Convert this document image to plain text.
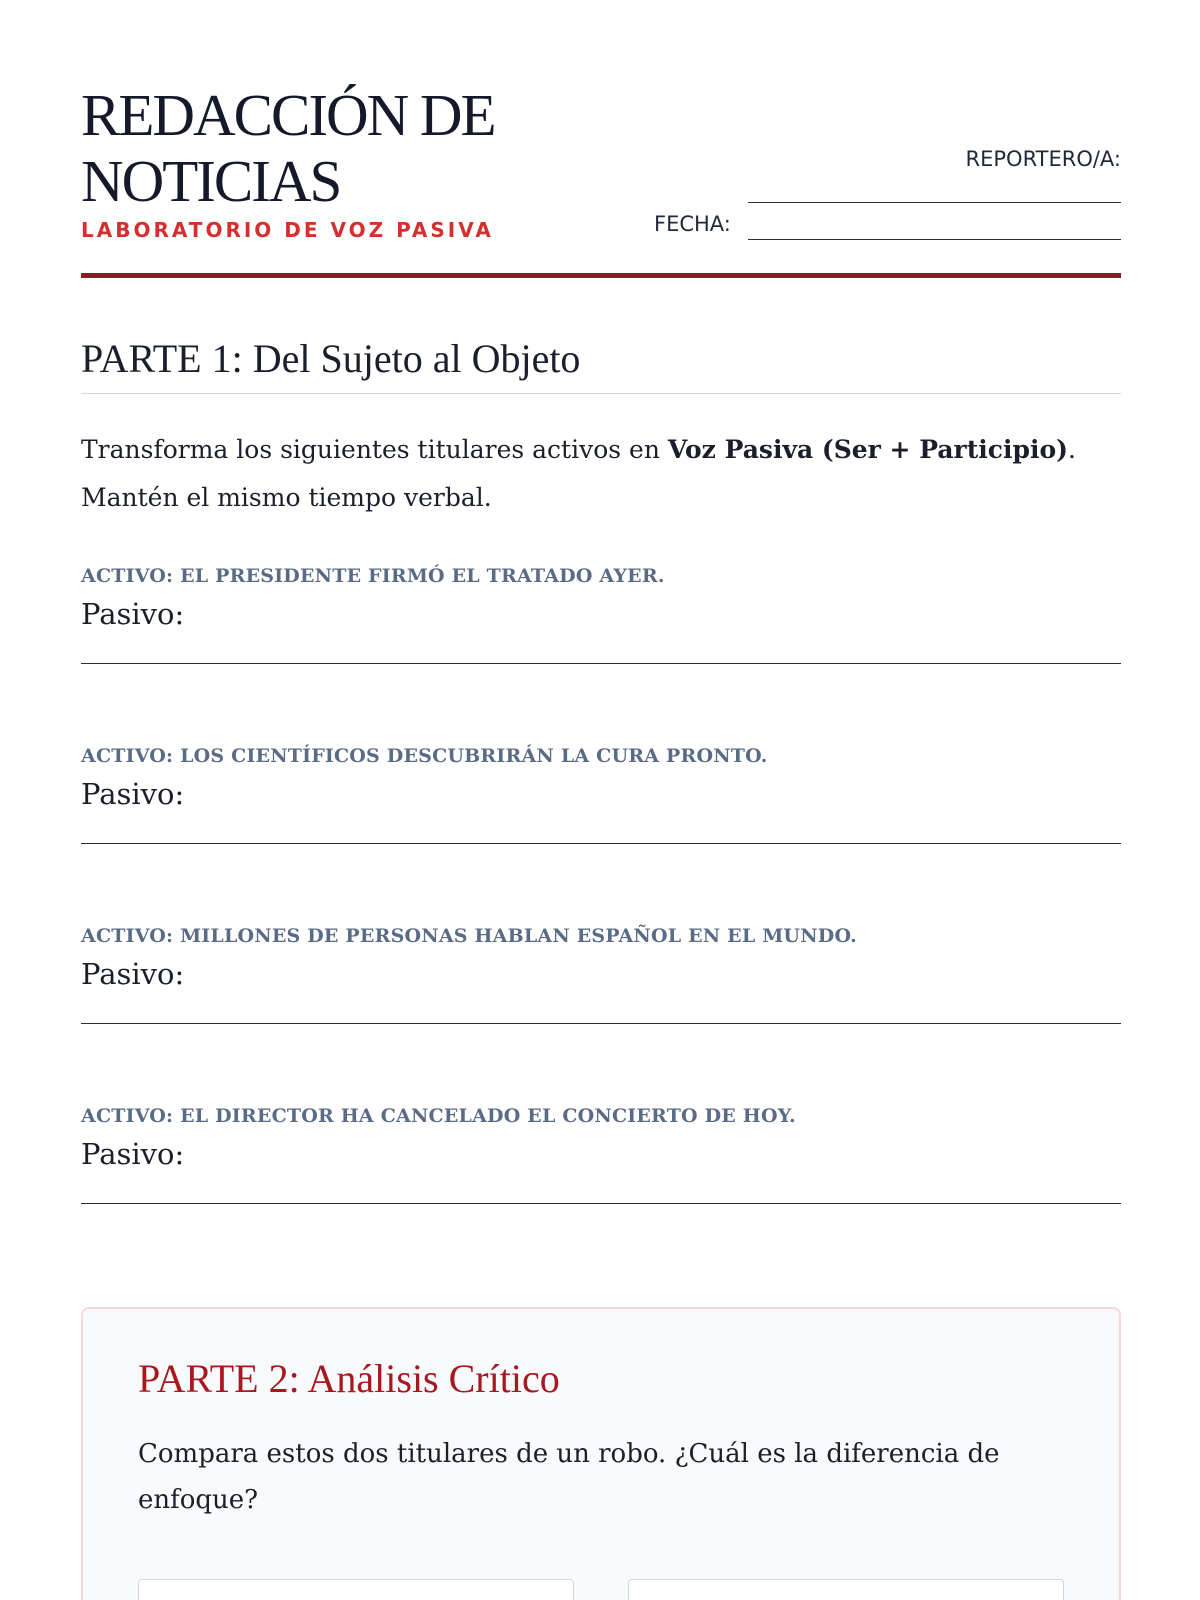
REDACCIÓN DE
NOTICIAS
LABORATORIO DE VOZ PASIVA
REPORTERO/A:
FECHA:
PARTE 1: Del Sujeto al Objeto

Transforma los siguientes titulares activos en Voz Pasiva (Ser + Participio).
Mantén el mismo tiempo verbal.

ACTIVO: EL PRESIDENTE FIRMÓ EL TRATADO AYER.
Pasivo:
ACTIVO: LOS CIENTÍFICOS DESCUBRIRÁN LA CURA PRONTO.
Pasivo:
ACTIVO: MILLONES DE PERSONAS HABLAN ESPAÑOL EN EL MUNDO.
Pasivo:
ACTIVO: EL DIRECTOR HA CANCELADO EL CONCIERTO DE HOY.
Pasivo:
PARTE 2: Análisis Crítico

Compara estos dos titulares de un robo. ¿Cuál es la diferencia de enfoque?
